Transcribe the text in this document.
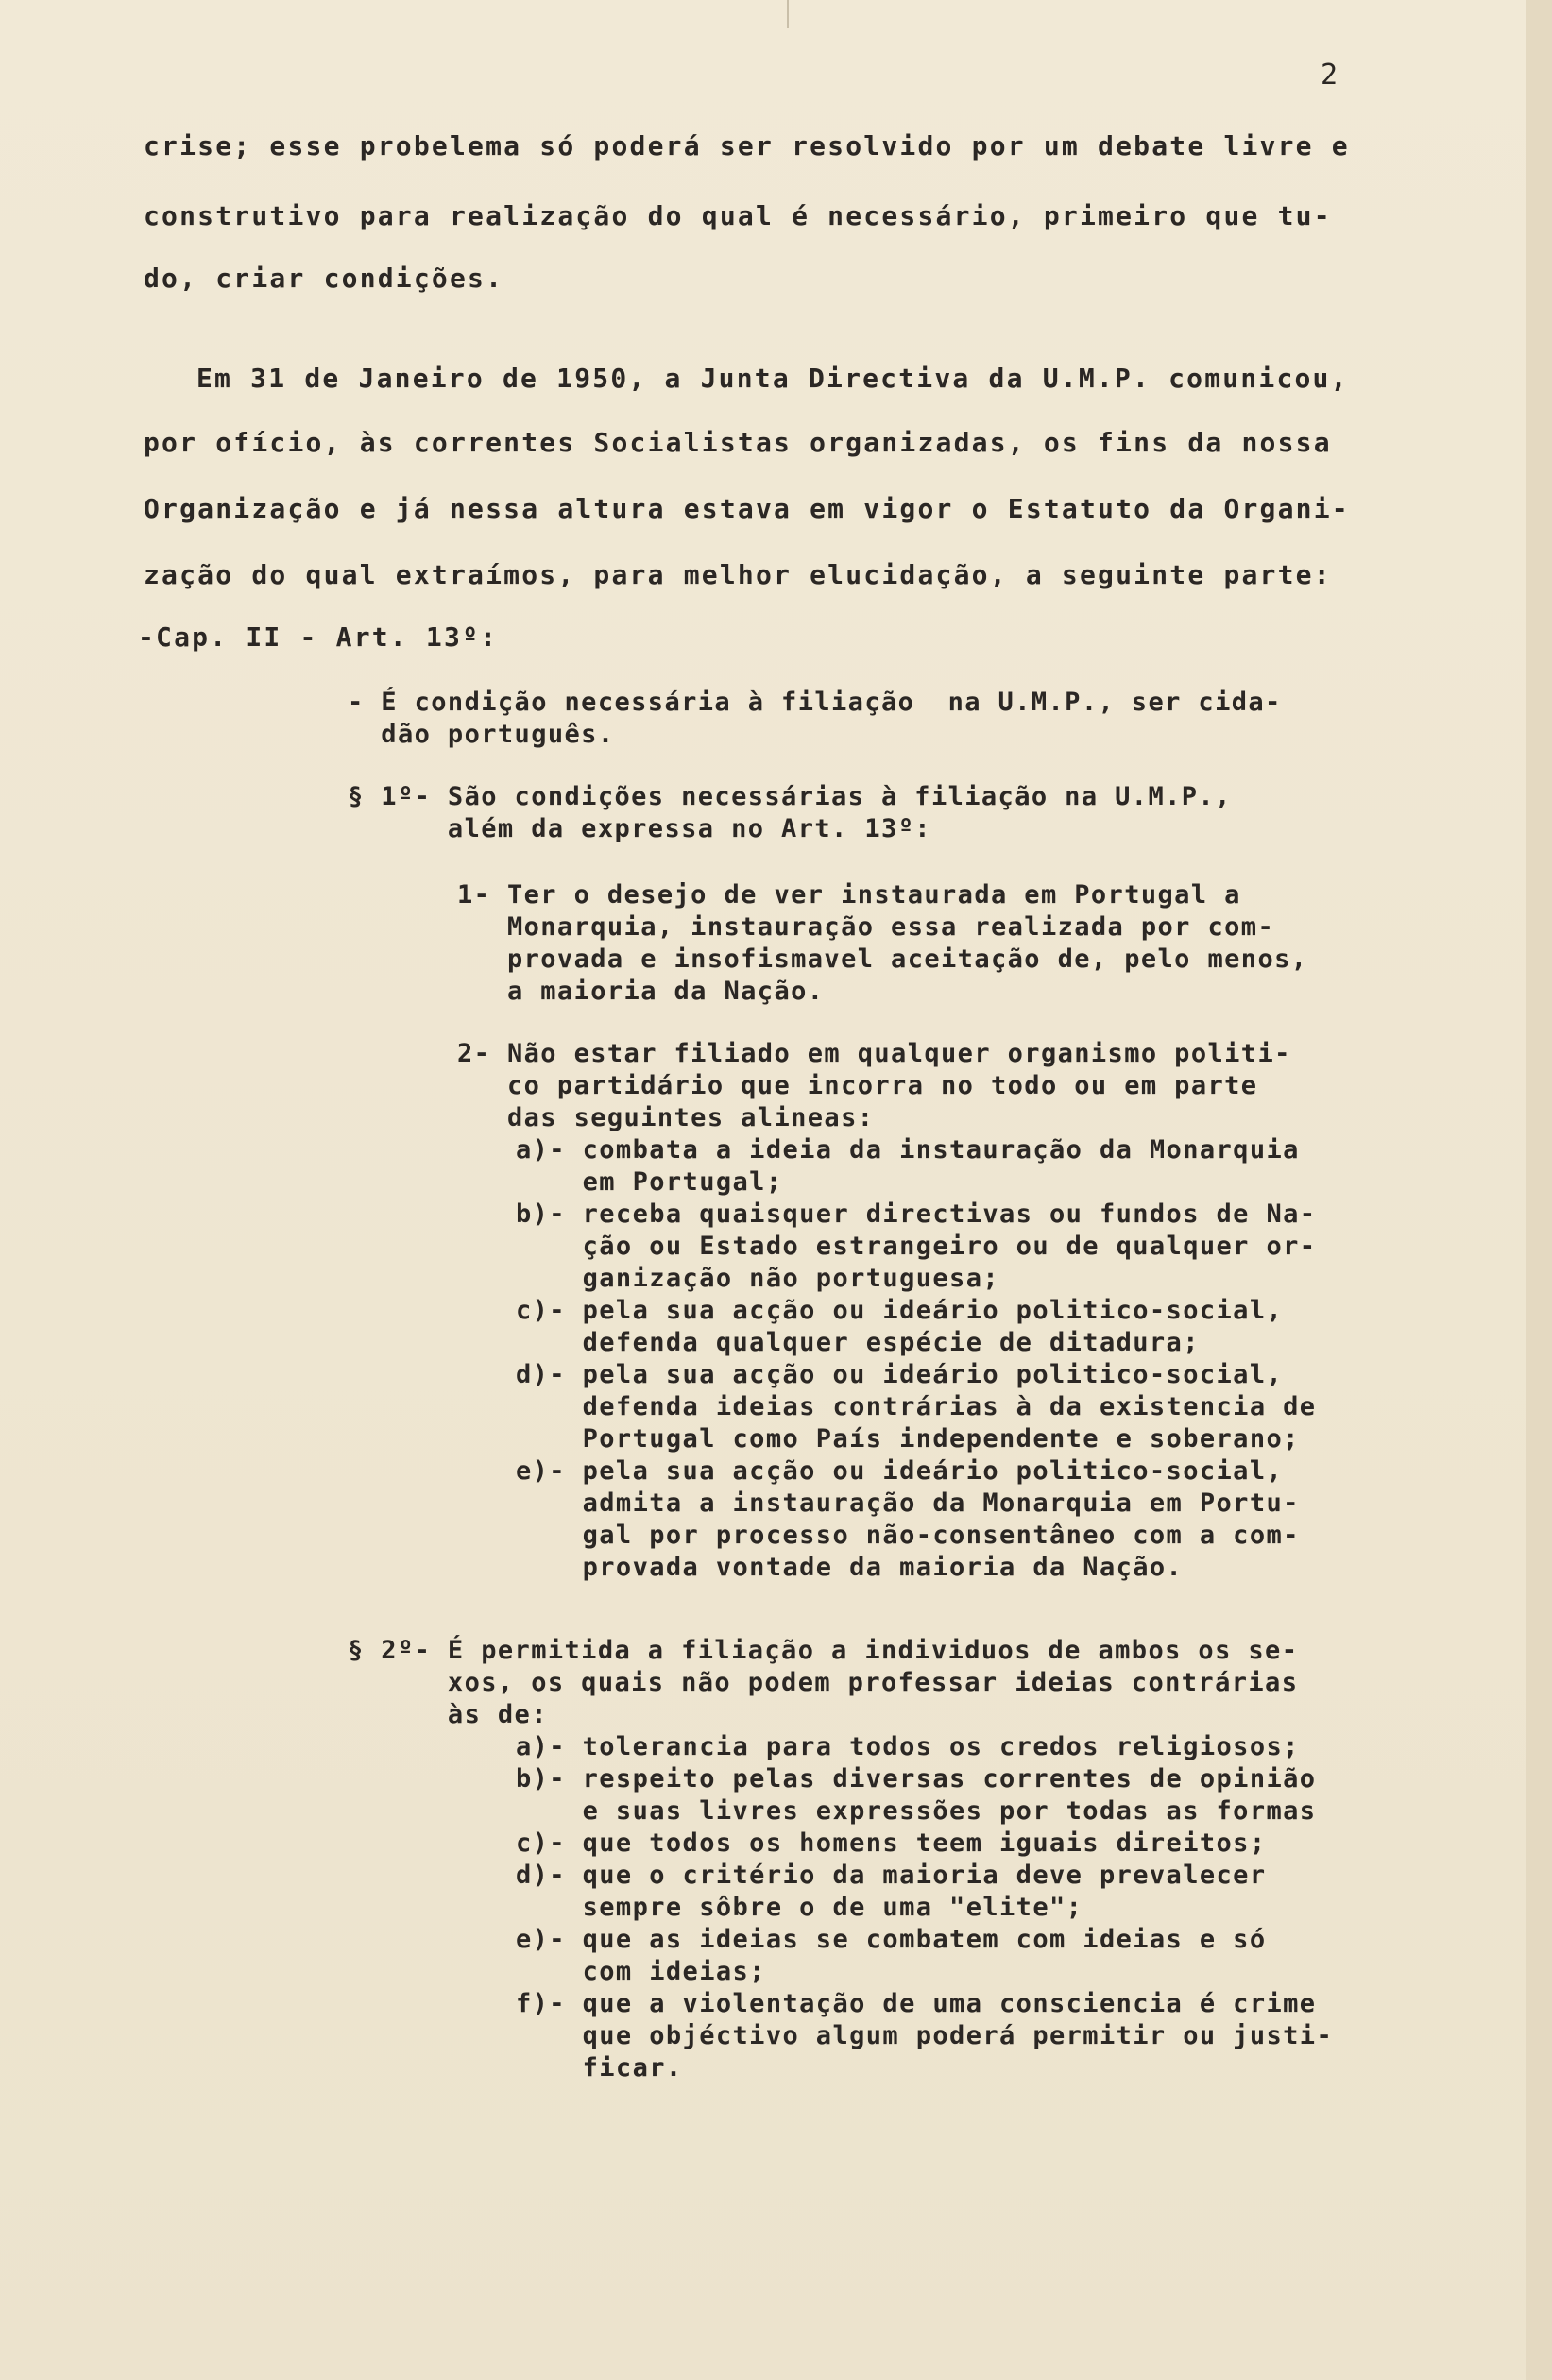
2
crise; esse probelema só poderá ser resolvido por um debate livre e
construtivo para realização do qual é necessário, primeiro que tu-
do, criar condições.
Em 31 de Janeiro de 1950, a Junta Directiva da U.M.P. comunicou,
por ofício, às correntes Socialistas organizadas, os fins da nossa
Organização e já nessa altura estava em vigor o Estatuto da Organi-
zação do qual extraímos, para melhor elucidação, a seguinte parte:
-Cap. II - Art. 13º:
- É condição necessária à filiação  na U.M.P., ser cida-
dão português.
§ 1º- São condições necessárias à filiação na U.M.P.,
além da expressa no Art. 13º:
1- Ter o desejo de ver instaurada em Portugal a
Monarquia, instauração essa realizada por com-
provada e insofismavel aceitação de, pelo menos,
a maioria da Nação.
2- Não estar filiado em qualquer organismo politi-
co partidário que incorra no todo ou em parte
das seguintes alineas:
a)- combata a ideia da instauração da Monarquia
em Portugal;
b)- receba quaisquer directivas ou fundos de Na-
ção ou Estado estrangeiro ou de qualquer or-
ganização não portuguesa;
c)- pela sua acção ou ideário politico-social,
defenda qualquer espécie de ditadura;
d)- pela sua acção ou ideário politico-social,
defenda ideias contrárias à da existencia de
Portugal como País independente e soberano;
e)- pela sua acção ou ideário politico-social,
admita a instauração da Monarquia em Portu-
gal por processo não-consentâneo com a com-
provada vontade da maioria da Nação.
§ 2º- É permitida a filiação a individuos de ambos os se-
xos, os quais não podem professar ideias contrárias
às de:
a)- tolerancia para todos os credos religiosos;
b)- respeito pelas diversas correntes de opinião
e suas livres expressões por todas as formas
c)- que todos os homens teem iguais direitos;
d)- que o critério da maioria deve prevalecer
sempre sôbre o de uma "elite";
e)- que as ideias se combatem com ideias e só
com ideias;
f)- que a violentação de uma consciencia é crime
que objéctivo algum poderá permitir ou justi-
ficar.
